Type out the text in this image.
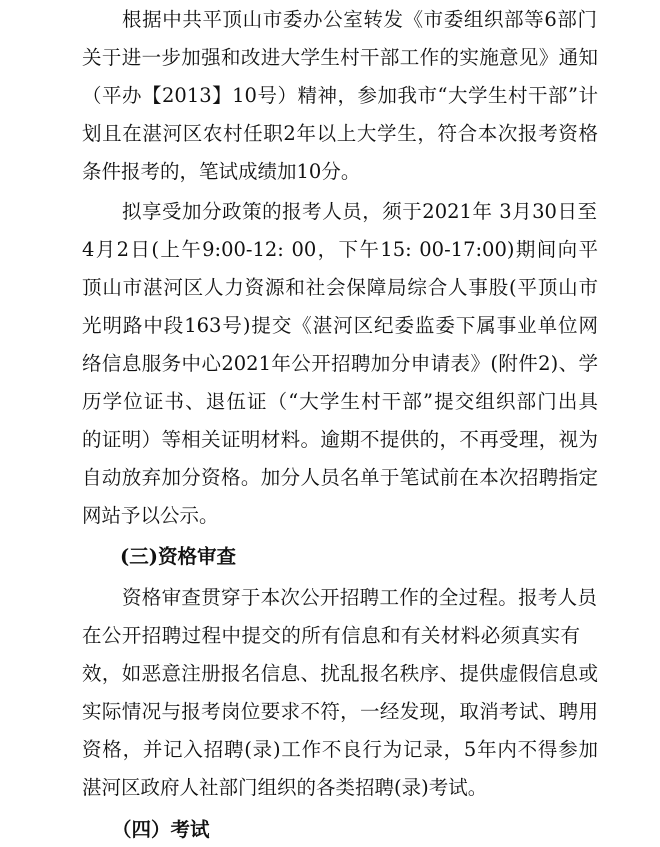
根据中共平顶山市委办公室转发《市委组织部等6部门
关于进一步加强和改进大学生村干部工作的实施意见》通知
（平办【2013】10号）精神，参加我市“大学生村干部”计
划且在湛河区农村任职2年以上大学生，符合本次报考资格
条件报考的，笔试成绩加10分。
拟享受加分政策的报考人员，须于2021年 3月30日至
4月2日(上午9:00-12: 00，下午15: 00-17:00)期间向平
顶山市湛河区人力资源和社会保障局综合人事股(平顶山市
光明路中段163号)提交《湛河区纪委监委下属事业单位网
络信息服务中心2021年公开招聘加分申请表》(附件2)、学
历学位证书、退伍证（“大学生村干部”提交组织部门出具
的证明）等相关证明材料。逾期不提供的，不再受理，视为
自动放弃加分资格。加分人员名单于笔试前在本次招聘指定
网站予以公示。
(三)资格审查
资格审查贯穿于本次公开招聘工作的全过程。报考人员
在公开招聘过程中提交的所有信息和有关材料必须真实有
效，如恶意注册报名信息、扰乱报名秩序、提供虚假信息或
实际情况与报考岗位要求不符，一经发现，取消考试、聘用
资格，并记入招聘(录)工作不良行为记录，5年内不得参加
湛河区政府人社部门组织的各类招聘(录)考试。
（四）考试
